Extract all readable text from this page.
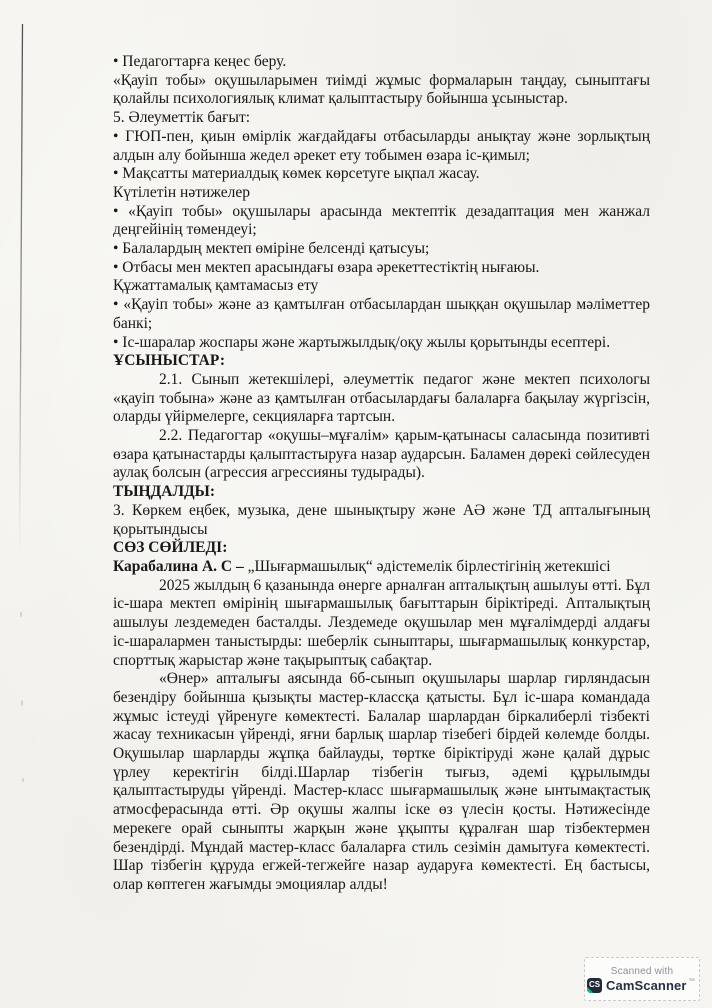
• Педагогтарға кеңес беру.

«Қауіп тобы» оқушыларымен тиімді жұмыс формаларын таңдау, сыныптағы қолайлы психологиялық климат қалыптастыру бойынша ұсыныстар.

5. Әлеуметтік бағыт:

• ГЮП-пен, қиын өмірлік жағдайдағы отбасыларды анықтау және зорлықтың алдын алу бойынша жедел әрекет ету тобымен өзара іс-қимыл;

• Мақсатты материалдық көмек көрсетуге ықпал жасау.

Күтілетін нәтижелер

• «Қауіп тобы» оқушылары арасында мектептік дезадаптация мен жанжал деңгейінің төмендеуі;

• Балалардың мектеп өміріне белсенді қатысуы;

• Отбасы мен мектеп арасындағы өзара әрекеттестіктің нығаюы.

Құжаттамалық қамтамасыз ету

• «Қауіп тобы» және аз қамтылған отбасылардан шыққан оқушылар мәліметтер банкі;

• Іс-шаралар жоспары және жартыжылдық/оқу жылы қорытынды есептері.

ҰСЫНЫСТАР:

2.1. Сынып жетекшілері, әлеуметтік педагог және мектеп психологы «қауіп тобына» және аз қамтылған отбасылардағы балаларға бақылау жүргізсін, оларды үйірмелерге, секцияларға тартсын.

2.2. Педагогтар «оқушы–мұғалім» қарым-қатынасы саласында позитивті өзара қатынастарды қалыптастыруға назар аударсын. Баламен дөрекі сөйлесуден аулақ болсын (агрессия агрессияны тудырады).

ТЫҢДАЛДЫ:

3. Көркем еңбек, музыка, дене шынықтыру және АӘ және ТД апталығының қорытындысы

СӨЗ СӨЙЛЕДІ:

Карабалина А. С – „Шығармашылық“ әдістемелік бірлестігінің жетекшісі

2025 жылдың 6 қазанында өнерге арналған апталықтың ашылуы өтті. Бұл іс-шара мектеп өмірінің шығармашылық бағыттарын біріктіреді. Апталықтың ашылуы лездемеден басталды. Лездемеде оқушылар мен мұғалімдерді алдағы іс-шаралармен таныстырды: шеберлік сыныптары, шығармашылық конкурстар, спорттық жарыстар және тақырыптық сабақтар.

«Өнер» апталығы аясында 6б-сынып оқушылары шарлар гирляндасын безендіру бойынша қызықты мастер-классқа қатысты. Бұл іс-шара командада жұмыс істеуді үйренуге көмектесті. Балалар шарлардан біркалиберлі тізбекті жасау техникасын үйренді, яғни барлық шарлар тізебегі бірдей көлемде болды. Оқушылар шарларды жұпқа байлауды, төртке біріктіруді және қалай дұрыс үрлеу керектігін білді.Шарлар тізбегін тығыз, әдемі құрылымды қалыптастыруды үйренді. Мастер-класс шығармашылық және ынтымақтастық атмосферасында өтті. Әр оқушы жалпы іске өз үлесін қосты. Нәтижесінде мерекеге орай сыныпты жарқын және ұқыпты құралған шар тізбектермен безендірді. Мұндай мастер-класс балаларға стиль сезімін дамытуға көмектесті. Шар тізбегін құруда егжей-тегжейге назар аударуға көмектесті. Ең бастысы, олар көптеген жағымды эмоциялар алды!

Scanned with
CS CamScanner ™
